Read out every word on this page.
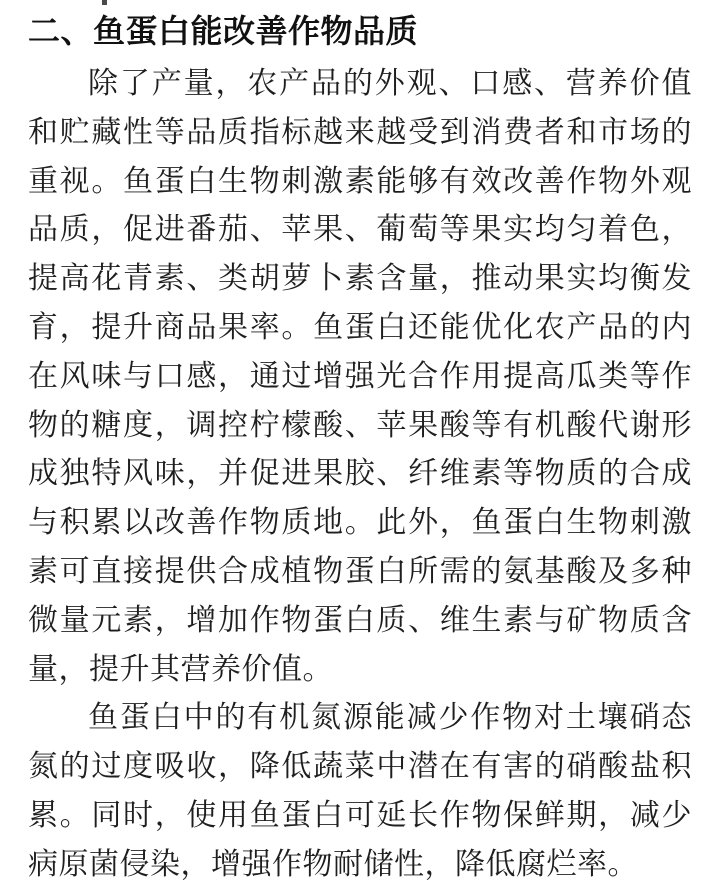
二、鱼蛋白能改善作物品质
除了产量，农产品的外观、口感、营养价值
和贮藏性等品质指标越来越受到消费者和市场的
重视。鱼蛋白生物刺激素能够有效改善作物外观
品质，促进番茄、苹果、葡萄等果实均匀着色，
提高花青素、类胡萝卜素含量，推动果实均衡发
育，提升商品果率。鱼蛋白还能优化农产品的内
在风味与口感，通过增强光合作用提高瓜类等作
物的糖度，调控柠檬酸、苹果酸等有机酸代谢形
成独特风味，并促进果胶、纤维素等物质的合成
与积累以改善作物质地。此外，鱼蛋白生物刺激
素可直接提供合成植物蛋白所需的氨基酸及多种
微量元素，增加作物蛋白质、维生素与矿物质含
量，提升其营养价值。
鱼蛋白中的有机氮源能减少作物对土壤硝态
氮的过度吸收，降低蔬菜中潜在有害的硝酸盐积
累。同时，使用鱼蛋白可延长作物保鲜期，减少
病原菌侵染，增强作物耐储性，降低腐烂率。
